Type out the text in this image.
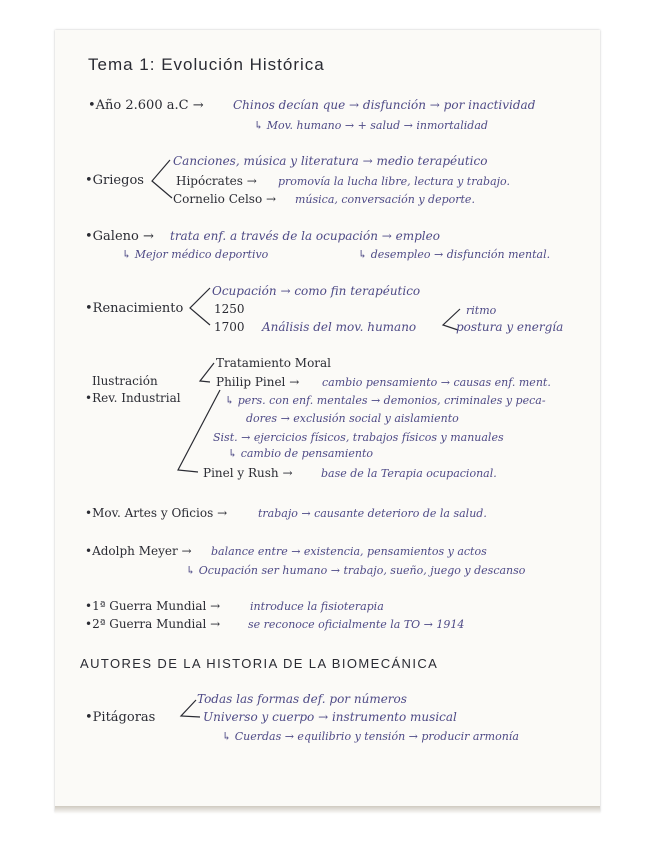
Tema 1: Evolución Histórica
•Año 2.600 a.C → Chinos decían que → disfunción → por inactividad
↳ Mov. humano → + salud → inmortalidad
•Griegos
Canciones, música y literatura → medio terapéutico
Hipócrates → promovía la lucha libre, lectura y trabajo.
Cornelio Celso → música, conversación y deporte.
•Galeno → trata enf. a través de la ocupación → empleo
↳ Mejor médico deportivo	↳ desempleo → disfunción mental.
•Renacimiento
Ocupación → como fin terapéutico
1250
1700 Análisis del mov. humano
ritmo
postura y energía
Ilustración
•Rev. Industrial
Tratamiento Moral
Philip Pinel → cambio pensamiento → causas enf. ment.
↳ pers. con enf. mentales → demonios, criminales y peca-
dores → exclusión social y aislamiento
Sist. → ejercicios físicos, trabajos físicos y manuales
↳ cambio de pensamiento
Pinel y Rush →	base de la Terapia ocupacional.
•Mov. Artes y Oficios →	trabajo → causante deterioro de la salud.
•Adolph Meyer → balance entre → existencia, pensamientos y actos
↳ Ocupación ser humano → trabajo, sueño, juego y descanso
•1ª Guerra Mundial →	introduce la fisioterapia
•2ª Guerra Mundial →	se reconoce oficialmente la TO → 1914
AUTORES DE LA HISTORIA DE LA BIOMECÁNICA
•Pitágoras
Todas las formas def. por números
Universo y cuerpo → instrumento musical
↳ Cuerdas → equilibrio y tensión → producir armonía
